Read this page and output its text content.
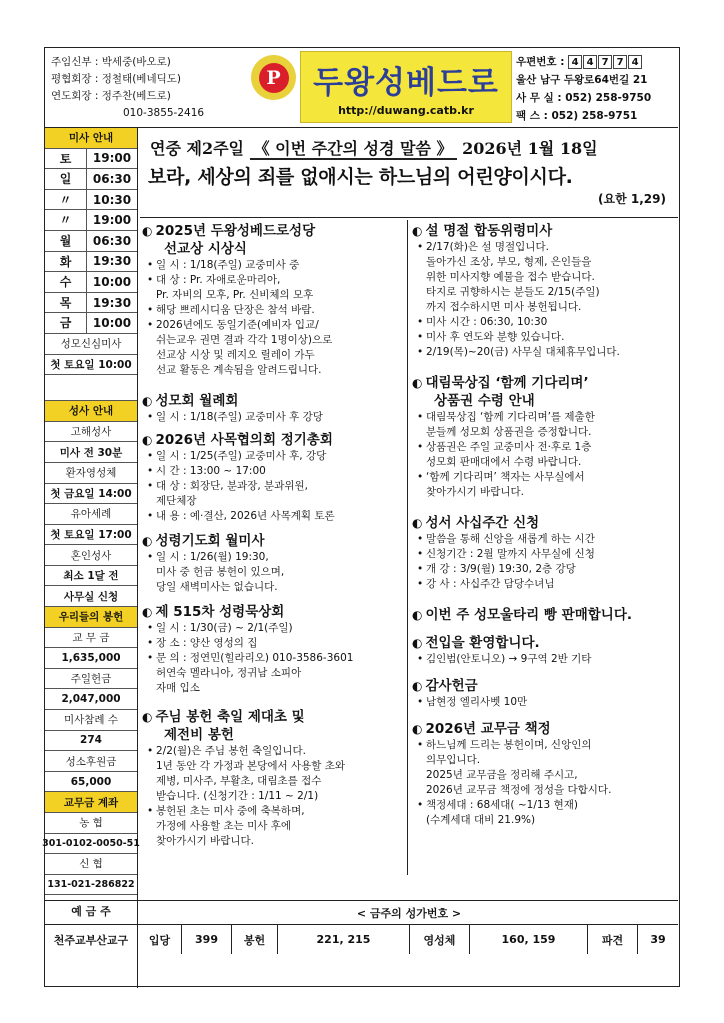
주임신부 : 박세중(바오로)
평협회장 : 정철태(베네딕도)
연도회장 : 정주찬(베드로)
010-3855-2416
P	두왕성베드로
http://duwang.catb.kr
우편번호 : 4 4 7 7 4
울산 남구 두왕로64번길 21
사 무 실 : 052) 258-9750
팩 스 : 052) 258-9751
미사 안내
토	19:00
일	06:30
〃	10:30
〃	19:00
월	06:30
화	19:30
수	10:00
목	19:30
금	10:00
성모신심미사
첫 토요일 10:00
성사 안내
고해성사
미사 전 30분
환자영성체
첫 금요일 14:00
유아세례
첫 토요일 17:00
혼인성사
최소 1달 전
사무실 신청
우리들의 봉헌
교 무 금
1,635,000
주일헌금
2,047,000
미사참례 수
274
성소후원금
65,000
교무금 계좌
농 협
301-0102-0050-51
신 협
131-021-286822
연중 제2주일 《 이번 주간의 성경 말씀 》 2026년 1월 18일
보라, 세상의 죄를 없애시는 하느님의 어린양이시다.
(요한 1,29)
◐ 2025년 두왕성베드로성당
선교상 시상식
• 일 시 : 1/18(주일) 교중미사 중
• 대 상 : Pr. 자애로운마리아,
Pr. 자비의 모후, Pr. 신비체의 모후
• 해당 쁘레시디움 단장은 참석 바람.
• 2026년에도 동일기준(예비자 입교/
쉬는교우 권면 결과 각각 1명이상)으로
선교상 시상 및 레지오 릴레이 가두
선교 활동은 계속됨을 알려드립니다.
◐ 성모회 월례회
• 일 시 : 1/18(주일) 교중미사 후 강당
◐ 2026년 사목협의회 정기총회
• 일 시 : 1/25(주일) 교중미사 후, 강당
• 시 간 : 13:00 ~ 17:00
• 대 상 : 회장단, 분과장, 분과위원,
제단체장
• 내 용 : 예·결산, 2026년 사목계획 토론
◐ 성령기도회 월미사
• 일 시 : 1/26(월) 19:30,
미사 중 헌금 봉헌이 있으며,
당일 새벽미사는 없습니다.
◐ 제 515차 성령묵상회
• 일 시 : 1/30(금) ~ 2/1(주일)
• 장 소 : 양산 영성의 집
• 문 의 : 정연민(힐라리오) 010-3586-3601
허연숙 멜라니아, 정귀남 소피아
자매 입소
◐ 주님 봉헌 축일 제대초 및
제전비 봉헌
• 2/2(월)은 주님 봉헌 축일입니다.
1년 동안 각 가정과 본당에서 사용할 초와
제병, 미사주, 부활초, 대림초를 접수
받습니다. (신청기간 : 1/11 ~ 2/1)
• 봉헌된 초는 미사 중에 축복하며,
가정에 사용할 초는 미사 후에
찾아가시기 바랍니다.
◐ 설 명절 합동위령미사
• 2/17(화)은 설 명절입니다.
돌아가신 조상, 부모, 형제, 은인들을
위한 미사지향 예물을 접수 받습니다.
타지로 귀향하시는 분들도 2/15(주일)
까지 접수하시면 미사 봉헌됩니다.
• 미사 시간 : 06:30, 10:30
• 미사 후 연도와 분향 있습니다.
• 2/19(목)~20(금) 사무실 대체휴무입니다.
◐ 대림묵상집 ‘함께 기다리며’
상품권 수령 안내
• 대림묵상집 ‘함께 기다리며’를 제출한
분들께 성모회 상품권을 증정합니다.
• 상품권은 주일 교중미사 전·후로 1층
성모회 판매대에서 수령 바랍니다.
• ‘함께 기다리며’ 책자는 사무실에서
찾아가시기 바랍니다.
◐ 성서 사십주간 신청
• 말씀을 통해 신앙을 새롭게 하는 시간
• 신청기간 : 2월 말까지 사무실에 신청
• 개 강 : 3/9(월) 19:30, 2층 강당
• 강 사 : 사십주간 담당수녀님
◐ 이번 주 성모울타리 빵 판매합니다.
◐ 전입을 환영합니다.
• 김인범(안토니오) → 9구역 2반 기타
◐ 감사헌금
• 남현정 엘리사벳 10만
◐ 2026년 교무금 책정
• 하느님께 드리는 봉헌이며, 신앙인의
의무입니다.
2025년 교무금을 정리해 주시고,
2026년 교무금 책정에 정성을 다합시다.
• 책정세대 : 68세대( ~1/13 현재)
(수계세대 대비 21.9%)
예 금 주	< 금주의 성가번호 >
천주교부산교구	입당	399	봉헌	221, 215	영성체	160, 159	파견	39
